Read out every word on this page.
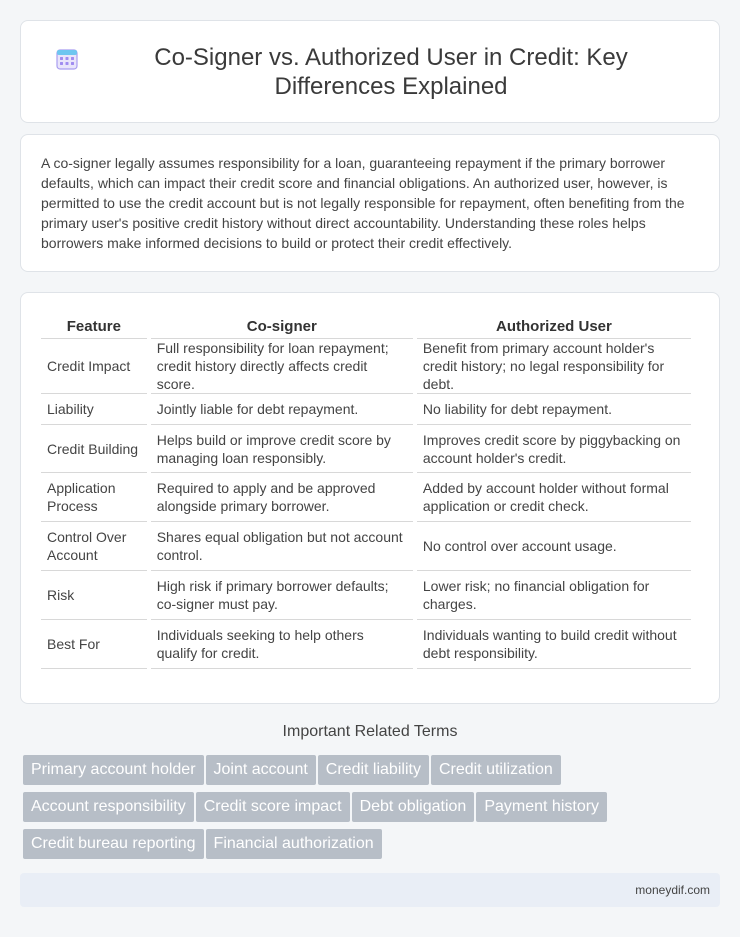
Co-Signer vs. Authorized User in Credit: Key Differences Explained

A co-signer legally assumes responsibility for a loan, guaranteeing repayment if the primary borrower defaults, which can impact their credit score and financial obligations. An authorized user, however, is permitted to use the credit account but is not legally responsible for repayment, often benefiting from the primary user's positive credit history without direct accountability. Understanding these roles helps borrowers make informed decisions to build or protect their credit effectively.

Feature	Co-signer	Authorized User
Credit Impact	Full responsibility for loan repayment; credit history directly affects credit score.	Benefit from primary account holder's credit history; no legal responsibility for debt.
Liability	Jointly liable for debt repayment.	No liability for debt repayment.
Credit Building	Helps build or improve credit score by managing loan responsibly.	Improves credit score by piggybacking on account holder's credit.
Application Process	Required to apply and be approved alongside primary borrower.	Added by account holder without formal application or credit check.
Control Over Account	Shares equal obligation but not account control.	No control over account usage.
Risk	High risk if primary borrower defaults; co-signer must pay.	Lower risk; no financial obligation for charges.
Best For	Individuals seeking to help others qualify for credit.	Individuals wanting to build credit without debt responsibility.
Important Related Terms
Primary account holder Joint account Credit liability Credit utilization
Account responsibility Credit score impact Debt obligation Payment history
Credit bureau reporting Financial authorization
moneydif.com
